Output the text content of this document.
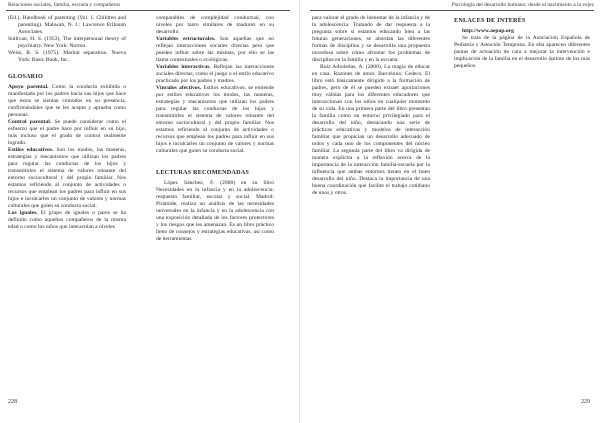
Relaciones sociales, familia, escuela y compañeros

(Ed.), Handbook of parenting (Vol. 1. Children and parenting). Mahwah, N. J.: Lawrence Erlbaum Associates.

Sullivan, H. S. (1953), The interpersonal theory of psychiatry. New York: Norton.

Weiss, R. S. (1975). Marital separation. Nueva York: Basic Book, Inc.

GLOSARIO

Apoyo parental. Como la conducta exhibida o manifestada por los padres hacia sus hijos que hace que estos se sientan cómodos en su presencia, confirmándoles que se les acepta y aprueba como personas.

Control parental. Se puede considerar como el esfuerzo que el padre hace por influir en su hijo, más incluso que el grado de control realmente logrado.

Estilos educativos. Son los modos, las maneras, estrategias y mecanismos que utilizan los padres para regular las conductas de los hijos y transmitirles el sistema de valores reinante del entorno sociocultural y del propio familiar. Nos estamos refiriendo al conjunto de actividades o recursos que emplean los padres para influir en sus hijos e inculcarles un conjunto de valores y normas culturales que guíen su conducta social.

Los iguales. El grupo de iguales o pares se ha definido como aquellos compañeros de la misma edad o como los niños que interactúan a niveles

comparables de complejidad conductual, con niveles por tanto similares de madurez en su desarrollo.

Variables estructurales. Son aquellas que no reflejan interacciones sociales directas pero que pueden influir sobre las mismas, por ello se las llama contextuales o ecológicas.

Variables interactivas. Reflejan las interacciones sociales directas, como el juego o el estilo educativo practicado por los padres y madres.

Vínculos afectivos. Estilos educativos: se entiende por estilos educativos los modos, las maneras, estrategias y mecanismos que utilizan los padres para regular las conductas de los hijos y transmitirles el sistema de valores reinante del entorno sociocultural y del propio familiar. Nos estamos refiriendo al conjunto de actividades o recursos que emplean los padres para influir en sus hijos e inculcarles un conjunto de valores y normas culturales que guíen su conducta social.

LECTURAS RECOMENDADAS

López Sánchez, F. (2008) en su libro Necesidades en la infancia y en la adolescencia: respuesta familiar, escolar y social. Madrid: Pirámide, realiza un análisis de las necesidades universales en la infancia y en la adolescencia con una exposición detallada de los factores protectores y los riesgos que les amenazan. Es un libro práctico lleno de consejos y estrategias educativas, así como de herramientas

228
Psicología del desarrollo humano: desde el nacimiento a la vejez

para valorar el grado de bienestar de la infancia y de la adolescencia. Tratando de dar respuesta a la pregunta sobre si estamos educando bien a las futuras generaciones, se abordan las diferentes formas de disciplina y se desarrolla una propuesta novedosa sobre cómo afrontar los problemas de disciplina en la familia y en la escuela.

Ruiz Arboledas, A. (2000), La magia de educar en casa. Razones de amor. Barcelona: Cedecs. El libro está básicamente dirigido a la formación de padres, pero de él se pueden extraer aportaciones muy válidas para los diferentes educadores que interaccionan con los niños en cualquier momento de su vida. En una primera parte del libro presentan la familia como un entorno privilegiado para el desarrollo del niño, destacando una serie de prácticas educativas y modelos de interacción familiar que propician un desarrollo adecuado de todos y cada uno de los componentes del núcleo familiar. La segunda parte del libro va dirigida de manera explícita a la reflexión acerca de la importancia de la interacción familia-escuela por la influencia que ambas entornos tienen en el buen desarrollo del niño. Destaca la importancia de una buena coordinación que facilite el trabajo cotidiano de unos y otros.

ENLACES DE INTERÉS

http://www.aepap.org

Se trata de la página de la Asociación Española de Pediatría y Atención Temprana. En ella aparecen diferentes pautas de actuación de cara a mejorar la intervención e implicación de la familia en el desarrollo óptimo de los más pequeños.

229
